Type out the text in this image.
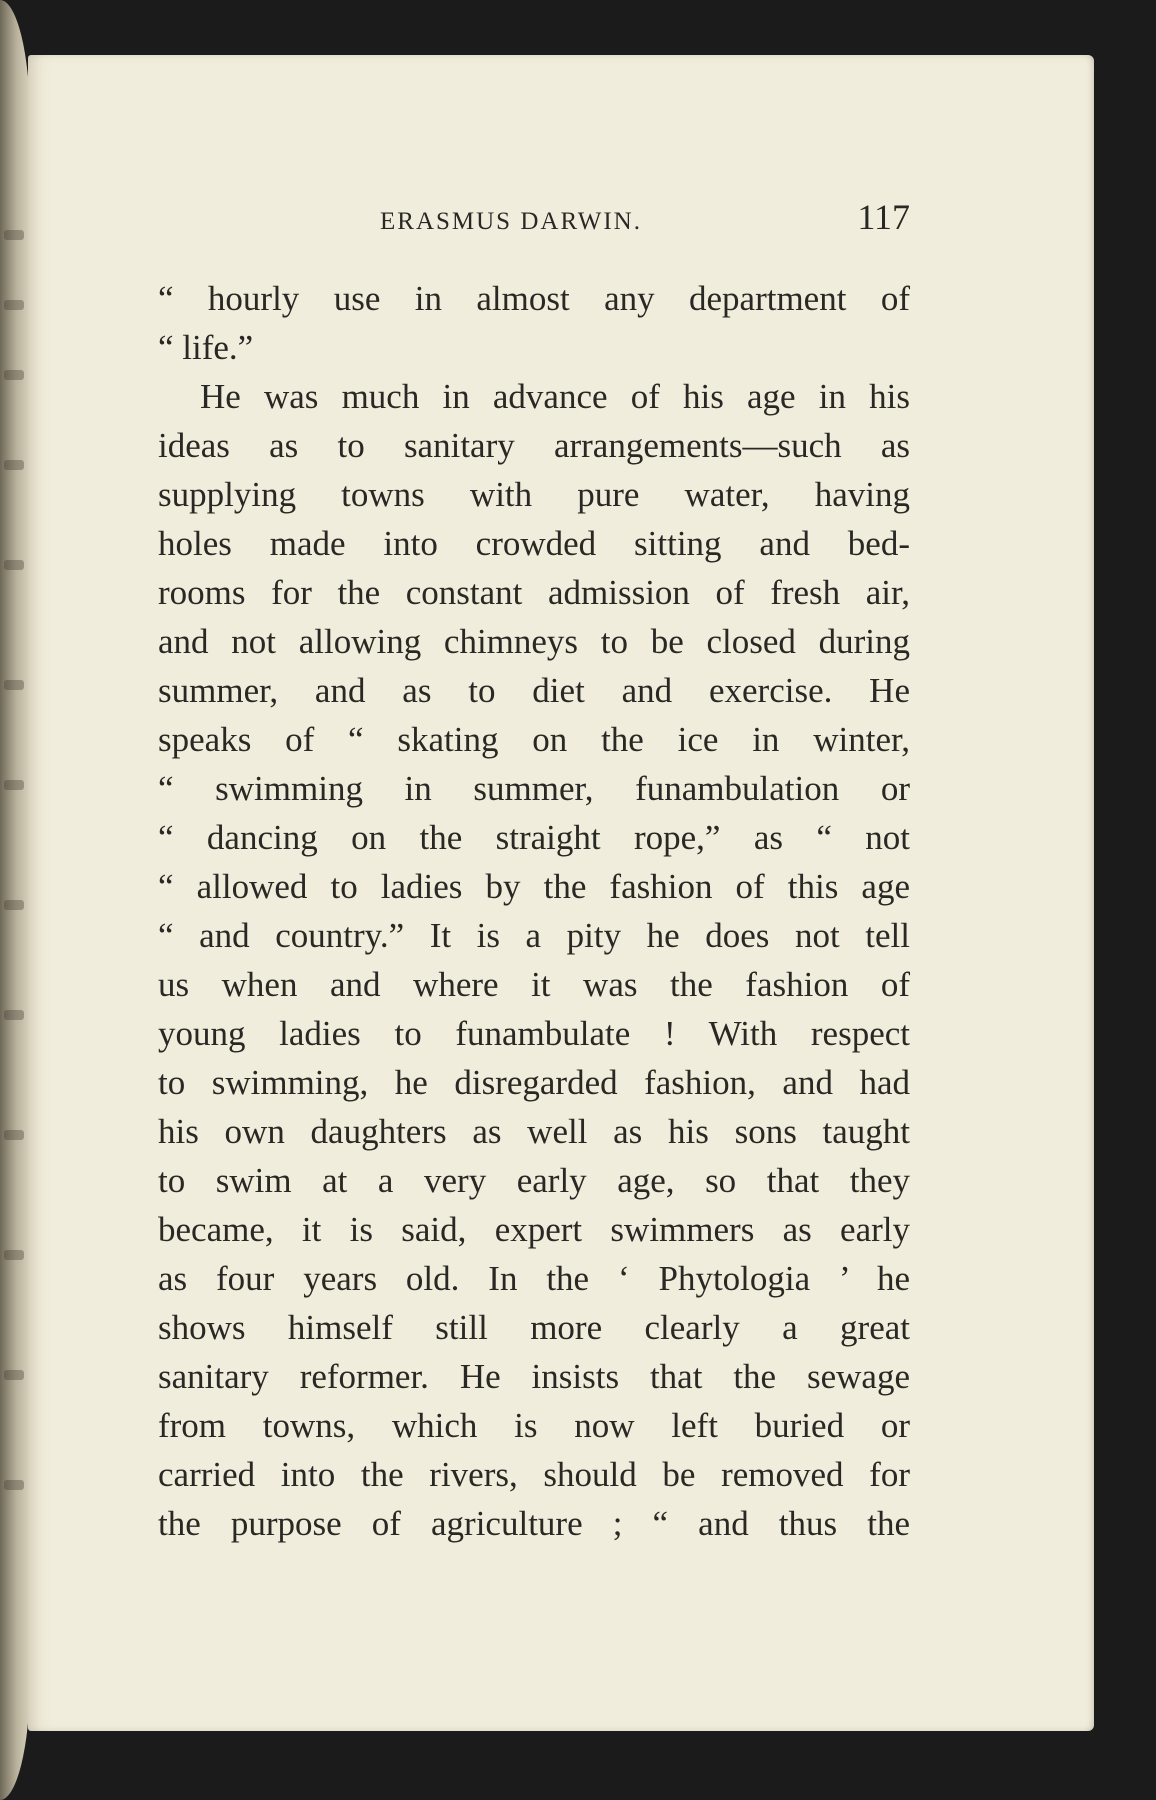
ERASMUS DARWIN.	117
“ hourly use in almost any department of
“ life.”
He was much in advance of his age in his
ideas as to sanitary arrangements—such as
supplying towns with pure water, having
holes made into crowded sitting and bed-
rooms for the constant admission of fresh air,
and not allowing chimneys to be closed during
summer, and as to diet and exercise. He
speaks of “ skating on the ice in winter,
“ swimming in summer, funambulation or
“ dancing on the straight rope,” as “ not
“ allowed to ladies by the fashion of this age
“ and country.” It is a pity he does not tell
us when and where it was the fashion of
young ladies to funambulate ! With respect
to swimming, he disregarded fashion, and had
his own daughters as well as his sons taught
to swim at a very early age, so that they
became, it is said, expert swimmers as early
as four years old. In the ‘ Phytologia ’ he
shows himself still more clearly a great
sanitary reformer. He insists that the sewage
from towns, which is now left buried or
carried into the rivers, should be removed for
the purpose of agriculture ; “ and thus the
